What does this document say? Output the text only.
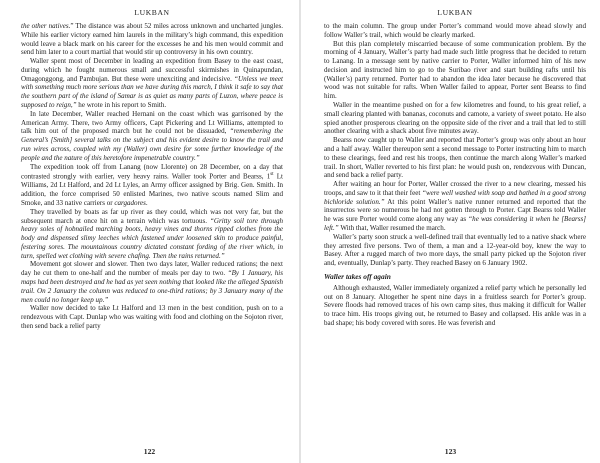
LUKBAN

the other natives.” The distance was about 52 miles across unknown and uncharted jungles. While his earlier victory earned him laurels in the military’s high command, this expedition would leave a black mark on his career for the excesses he and his men would commit and send him later to a court martial that would stir up controversy in his own country.

Waller spent most of December in leading an expedition from Basey to the east coast, during which he fought numerous small and successful skirmishes in Quinapundan, Omagonggong, and Pambujan. But these were unexciting and indecisive. “Unless we meet with something much more serious than we have during this march, I think it safe to say that the southern part of the island of Samar is as quiet as many parts of Luzon, where peace is supposed to reign,” he wrote in his report to Smith.

In late December, Waller reached Hernani on the coast which was garrisoned by the American Army. There, two Army officers, Capt Pickering and Lt Williams, attempted to talk him out of the proposed march but he could not be dissuaded, “remembering the General’s [Smith] several talks on the subject and his evident desire to know the trail and run wires across, coupled with my (Waller) own desire for some further knowledge of the people and the nature of this heretofore impenetrable country.”

The expedition took off from Lanang (now Llorente) on 28 December, on a day that contrasted strongly with earlier, very heavy rains. Waller took Porter and Bearss, 1st Lt Williams, 2d Lt Halford, and 2d Lt Lyles, an Army officer assigned by Brig. Gen. Smith. In addition, the force comprised 50 enlisted Marines, two native scouts named Slim and Smoke, and 33 native carriers or cargadores.

They travelled by boats as far up river as they could, which was not very far, but the subsequent march at once hit on a terrain which was tortuous. “Gritty soil tore through heavy soles of hobnailed marching boots, heavy vines and thorns ripped clothes from the body and dispensed slimy leeches which fastened under loosened skin to produce painful, festering sores. The mountainous country dictated constant fording of the river which, in turn, spelled wet clothing with severe chafing. Then the rains returned.”

Movement got slower and slower. Then two days later, Waller reduced rations; the next day he cut them to one-half and the number of meals per day to two. “By 1 January, his maps had been destroyed and he had as yet seen nothing that looked like the alleged Spanish trail. On 2 January the column was reduced to one-third rations; by 3 January many of the men could no longer keep up.”

Waller now decided to take Lt Halford and 13 men in the best condition, push on to a rendezvous with Capt. Dunlap who was waiting with food and clothing on the Sojoton river, then send back a relief party

122
LUKBAN

to the main column. The group under Porter’s command would move ahead slowly and follow Waller’s trail, which would be clearly marked.

But this plan completely miscarried because of some communication problem. By the morning of 4 January, Waller’s party had made such little progress that he decided to return to Lanang. In a message sent by native carrier to Porter, Waller informed him of his new decision and instructed him to go to the Suribao river and start building rafts until his (Waller’s) party returned. Porter had to abandon the idea later because he discovered that wood was not suitable for rafts. When Waller failed to appear, Porter sent Bearss to find him.

Waller in the meantime pushed on for a few kilometres and found, to his great relief, a small clearing planted with bananas, coconuts and camote, a variety of sweet potato. He also spied another prosperous clearing on the opposite side of the river and a trail that led to still another clearing with a shack about five minutes away.

Bearss now caught up to Waller and reported that Porter’s group was only about an hour and a half away. Waller thereupon sent a second message to Porter instructing him to march to these clearings, feed and rest his troops, then continue the march along Waller’s marked trail. In short, Waller reverted to his first plan: he would push on, rendezvous with Duncan, and send back a relief party.

After waiting an hour for Porter, Waller crossed the river to a new clearing, messed his troops, and saw to it that their feet “were well washed with soap and bathed in a good strong bichloride solution.” At this point Waller’s native runner returned and reported that the insurrectos were so numerous he had not gotten through to Porter. Capt Bearss told Waller he was sure Porter would come along any way as “he was considering it when he [Bearss] left.” With that, Waller resumed the march.

Waller’s party soon struck a well-defined trail that eventually led to a native shack where they arrested five persons. Two of them, a man and a 12-year-old boy, knew the way to Basey. After a rugged march of two more days, the small party picked up the Sojoton river and, eventually, Dunlap’s party. They reached Basey on 6 January 1902.

Waller takes off again

Although exhausted, Waller immediately organized a relief party which he personally led out on 8 January. Altogether he spent nine days in a fruitless search for Porter’s group. Severe floods had removed traces of his own camp sites, thus making it difficult for Waller to trace him. His troops giving out, he returned to Basey and collapsed. His ankle was in a bad shape; his body covered with sores. He was feverish and

123
